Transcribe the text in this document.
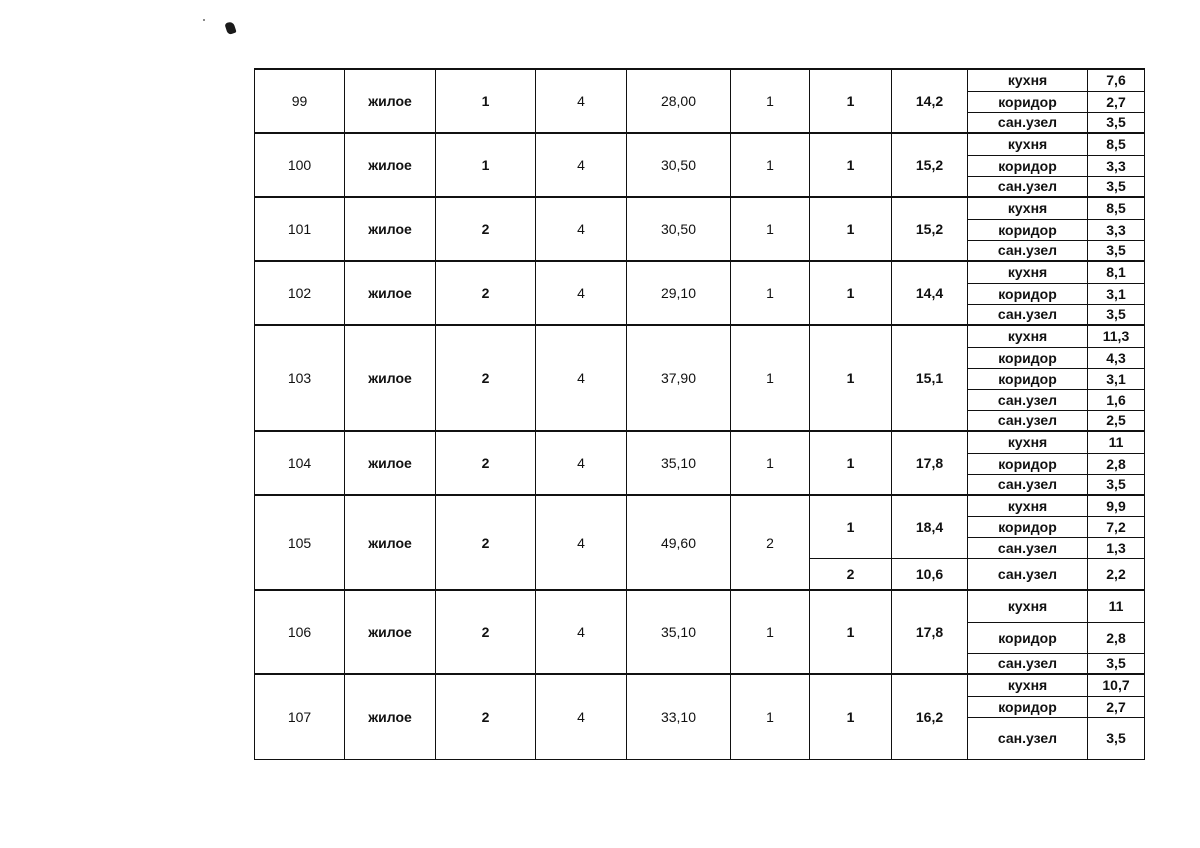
99	жилое	1	4	28,00	1	1	14,2	кухня	7,6
								коридор	2,7
								сан.узел	3,5
100	жилое	1	4	30,50	1	1	15,2	кухня	8,5
								коридор	3,3
								сан.узел	3,5
101	жилое	2	4	30,50	1	1	15,2	кухня	8,5
								коридор	3,3
								сан.узел	3,5
102	жилое	2	4	29,10	1	1	14,4	кухня	8,1
								коридор	3,1
								сан.узел	3,5
103	жилое	2	4	37,90	1	1	15,1	кухня	11,3
								коридор	4,3
								коридор	3,1
								сан.узел	1,6
								сан.узел	2,5
104	жилое	2	4	35,10	1	1	17,8	кухня	11
								коридор	2,8
								сан.узел	3,5
105	жилое	2	4	49,60	2	1	18,4	кухня	9,9
								коридор	7,2
								сан.узел	1,3
						2	10,6	сан.узел	2,2
106	жилое	2	4	35,10	1	1	17,8	кухня	11
								коридор	2,8
								сан.узел	3,5
107	жилое	2	4	33,10	1	1	16,2	кухня	10,7
								коридор	2,7
								сан.узел	3,5
